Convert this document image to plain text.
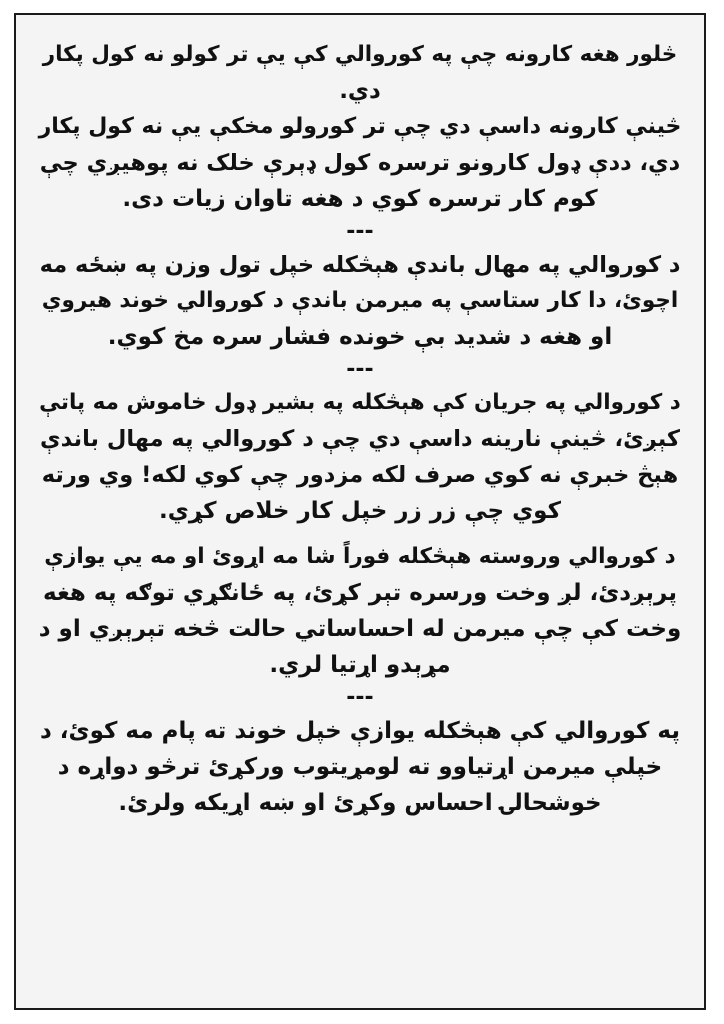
څلور هغه کارونه چې په کوروالي کې یې تر کولو نه کول پکار
دي.
څینې کارونه داسې دي چې تر کورولو مخکې یې نه کول پکار
دي، ددې ډول کارونو ترسره کول ډېرې خلک نه پوهیږي چې
کوم کار ترسره کوي د هغه تاوان زیات دی.

---

د کوروالي په مهال باندې هېڅکله خپل تول وزن په ښځه مه
اچوئ، دا کار ستاسې په میرمن باندې د کوروالي خوند هیروي
او هغه د شدید بې خونده فشار سره مخ کوي.

---

د کوروالي په جریان کې هېڅکله په بشیر ډول خاموش مه پاتې
کېږئ، څینې نارینه داسې دي چې د کوروالي په مهال باندې
هېڅ خبرې نه کوي صرف لکه مزدور چې کوي لکه! وي ورته
کوي چې زر زر خپل کار خلاص کړي.

د کوروالي وروسته هېڅکله فوراً شا مه اړوئ او مه یې یوازې
پرېږدئ، لږ وخت ورسره تېر کړئ، په ځانګړي توګه په هغه
وخت کې چې میرمن له احساساتي حالت څخه تېرېږي او د
مړېدو اړتیا لري.

---

په کوروالي کې هېڅکله یوازې خپل خوند ته پام مه کوئ، د
خپلې میرمن اړتیاوو ته لومړیتوب ورکړئ ترڅو دواړه د
خوشحالۍ احساس وکړئ او ښه اړیکه ولرئ.
